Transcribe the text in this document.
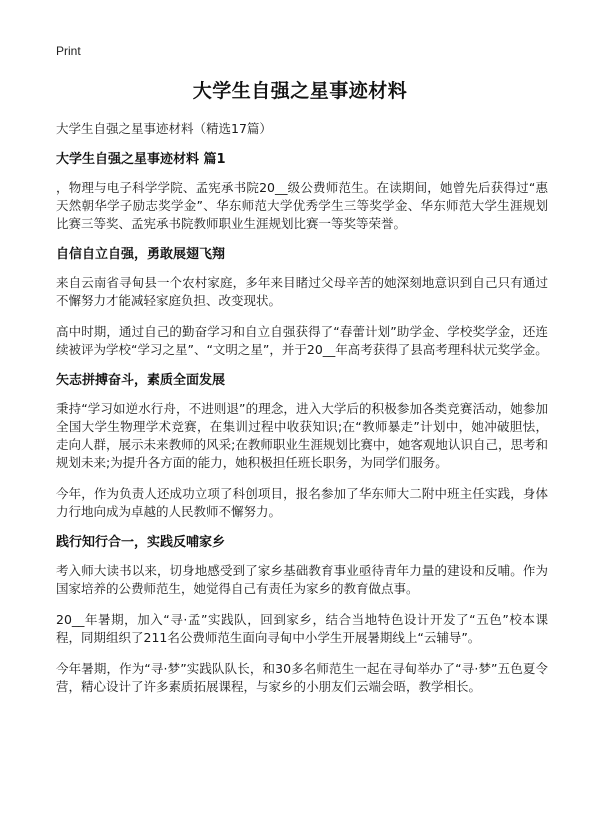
Print
大学生自强之星事迹材料

大学生自强之星事迹材料（精选17篇）

大学生自强之星事迹材料 篇1

，物理与电子科学学院、孟宪承书院20__级公费师范生。在读期间，她曾先后获得过“惠天然朝华学子励志奖学金”、华东师范大学优秀学生三等奖学金、华东师范大学生涯规划比赛三等奖、孟宪承书院教师职业生涯规划比赛一等奖等荣誉。

自信自立自强，勇敢展翅飞翔

来自云南省寻甸县一个农村家庭，多年来目睹过父母辛苦的她深刻地意识到自己只有通过不懈努力才能减轻家庭负担、改变现状。

高中时期，通过自己的勤奋学习和自立自强获得了“春蕾计划”助学金、学校奖学金，还连续被评为学校“学习之星”、“文明之星”，并于20__年高考获得了县高考理科状元奖学金。

矢志拼搏奋斗，素质全面发展

秉持“学习如逆水行舟，不进则退”的理念，进入大学后的积极参加各类竞赛活动，她参加全国大学生物理学术竞赛，在集训过程中收获知识;在“教师暴走”计划中，她冲破胆怯，走向人群，展示未来教师的风采;在教师职业生涯规划比赛中，她客观地认识自己，思考和规划未来;为提升各方面的能力，她积极担任班长职务，为同学们服务。

今年，作为负责人还成功立项了科创项目，报名参加了华东师大二附中班主任实践，身体力行地向成为卓越的人民教师不懈努力。

践行知行合一，实践反哺家乡

考入师大读书以来，切身地感受到了家乡基础教育事业亟待青年力量的建设和反哺。作为国家培养的公费师范生，她觉得自己有责任为家乡的教育做点事。

20__年暑期，加入“寻·孟”实践队，回到家乡，结合当地特色设计开发了“五色”校本课程，同期组织了211名公费师范生面向寻甸中小学生开展暑期线上“云辅导”。

今年暑期，作为“寻·梦”实践队队长，和30多名师范生一起在寻甸举办了“寻·梦”五色夏令营，精心设计了许多素质拓展课程，与家乡的小朋友们云端会晤，教学相长。
